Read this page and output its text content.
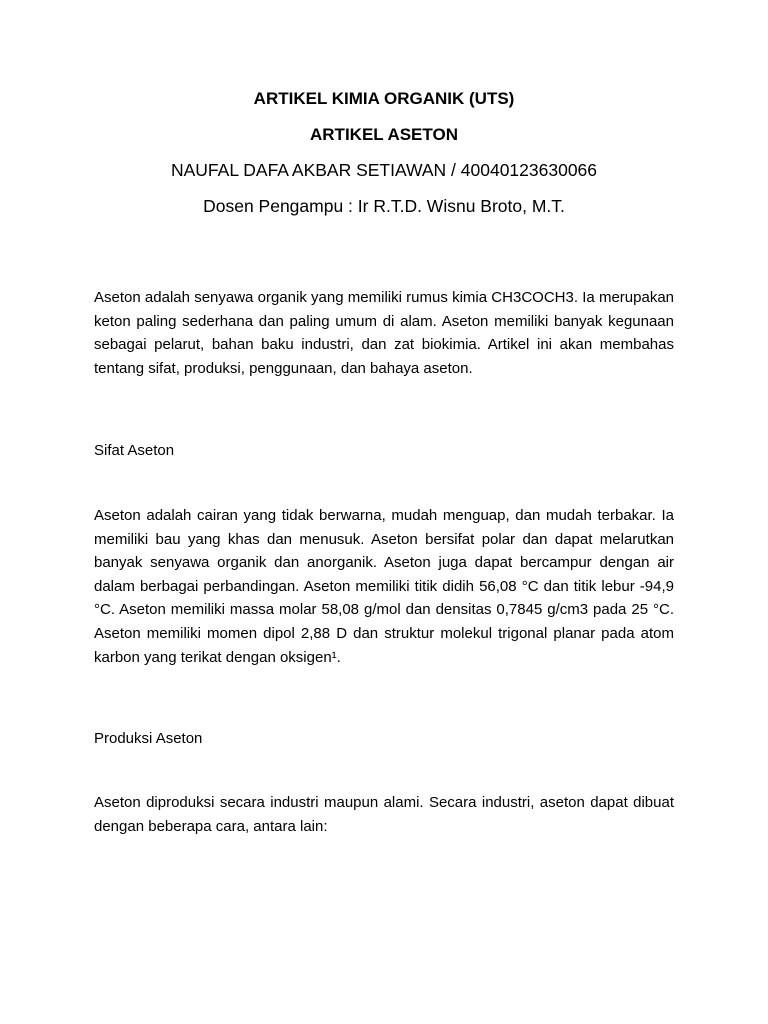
ARTIKEL KIMIA ORGANIK (UTS)
ARTIKEL ASETON
NAUFAL DAFA AKBAR SETIAWAN / 40040123630066
Dosen Pengampu : Ir R.T.D. Wisnu Broto, M.T.
Aseton adalah senyawa organik yang memiliki rumus kimia CH3COCH3. Ia merupakan keton paling sederhana dan paling umum di alam. Aseton memiliki banyak kegunaan sebagai pelarut, bahan baku industri, dan zat biokimia. Artikel ini akan membahas tentang sifat, produksi, penggunaan, dan bahaya aseton.
Sifat Aseton
Aseton adalah cairan yang tidak berwarna, mudah menguap, dan mudah terbakar. Ia memiliki bau yang khas dan menusuk. Aseton bersifat polar dan dapat melarutkan banyak senyawa organik dan anorganik. Aseton juga dapat bercampur dengan air dalam berbagai perbandingan. Aseton memiliki titik didih 56,08 °C dan titik lebur -94,9 °C. Aseton memiliki massa molar 58,08 g/mol dan densitas 0,7845 g/cm3 pada 25 °C. Aseton memiliki momen dipol 2,88 D dan struktur molekul trigonal planar pada atom karbon yang terikat dengan oksigen¹.
Produksi Aseton
Aseton diproduksi secara industri maupun alami. Secara industri, aseton dapat dibuat dengan beberapa cara, antara lain:
